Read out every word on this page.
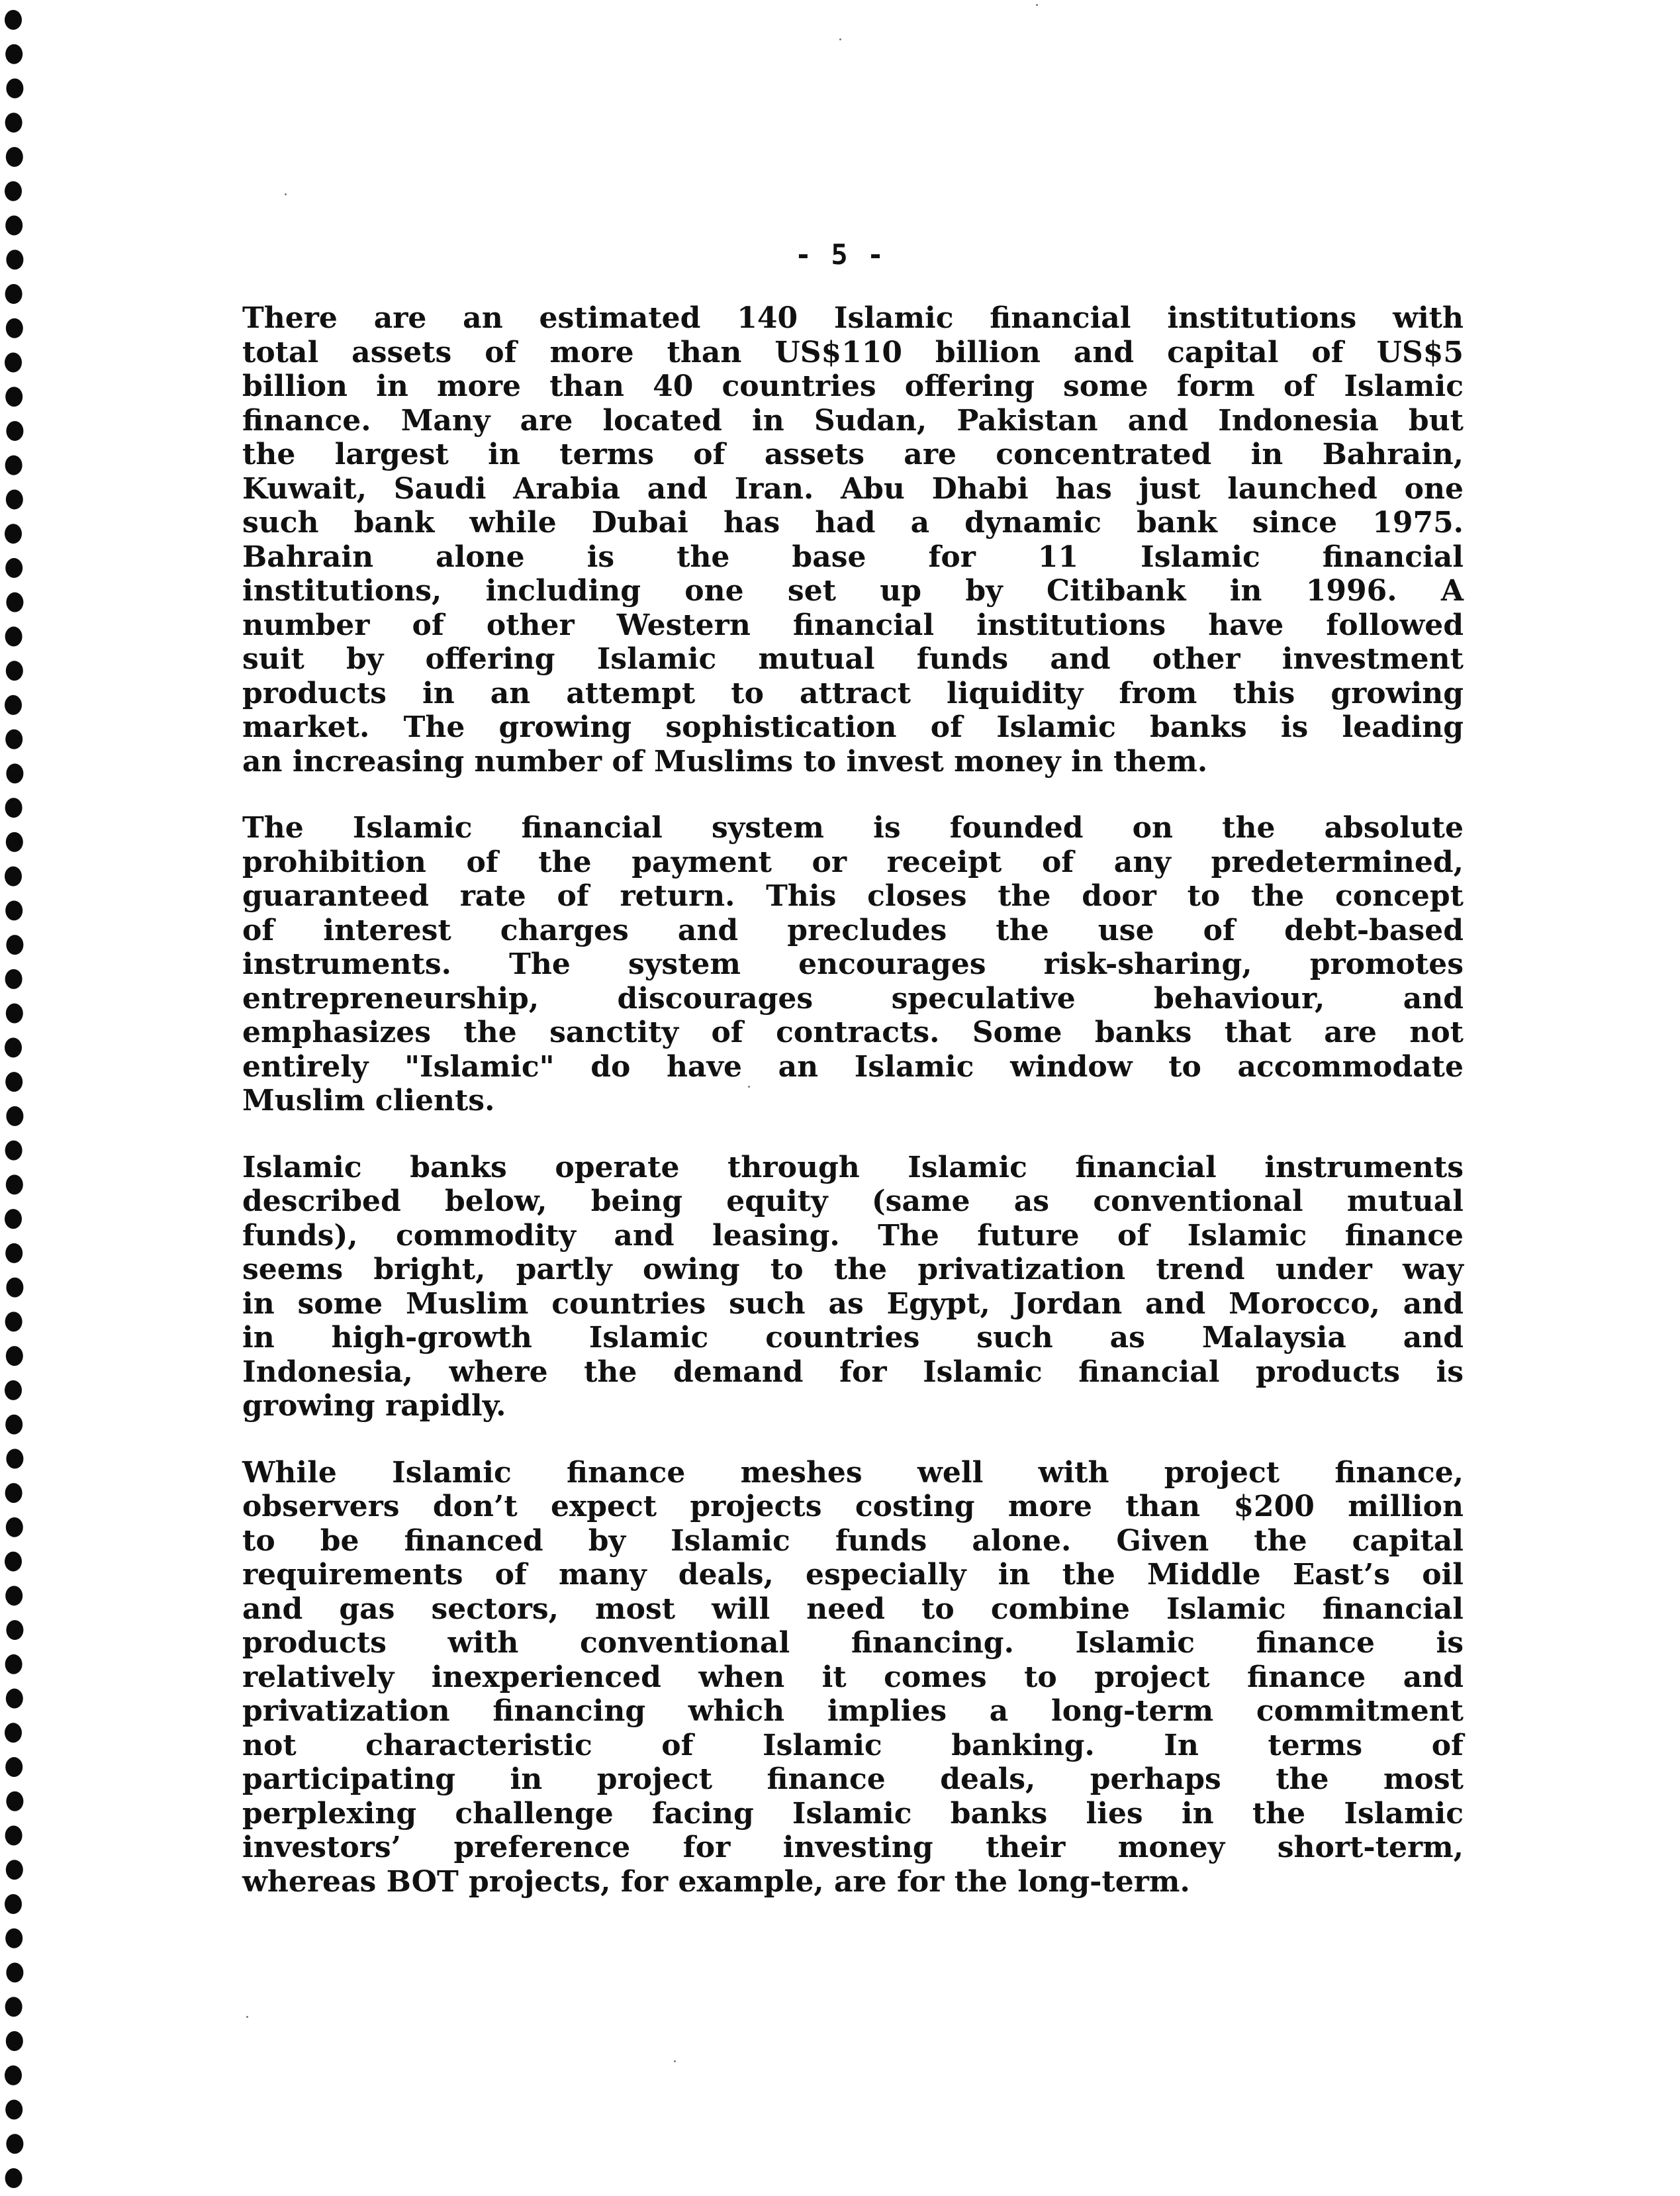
- 5 -

There are an estimated 140 Islamic financial institutions with
total assets of more than US$110 billion and capital of US$5
billion in more than 40 countries offering some form of Islamic
finance. Many are located in Sudan, Pakistan and Indonesia but
the largest in terms of assets are concentrated in Bahrain,
Kuwait, Saudi Arabia and Iran. Abu Dhabi has just launched one
such bank while Dubai has had a dynamic bank since 1975.
Bahrain alone is the base for 11 Islamic financial
institutions, including one set up by Citibank in 1996. A
number of other Western financial institutions have followed
suit by offering Islamic mutual funds and other investment
products in an attempt to attract liquidity from this growing
market. The growing sophistication of Islamic banks is leading
an increasing number of Muslims to invest money in them.

The Islamic financial system is founded on the absolute
prohibition of the payment or receipt of any predetermined,
guaranteed rate of return. This closes the door to the concept
of interest charges and precludes the use of debt-based
instruments. The system encourages risk-sharing, promotes
entrepreneurship, discourages speculative behaviour, and
emphasizes the sanctity of contracts. Some banks that are not
entirely "Islamic" do have an Islamic window to accommodate
Muslim clients.

Islamic banks operate through Islamic financial instruments
described below, being equity (same as conventional mutual
funds), commodity and leasing. The future of Islamic finance
seems bright, partly owing to the privatization trend under way
in some Muslim countries such as Egypt, Jordan and Morocco, and
in high-growth Islamic countries such as Malaysia and
Indonesia, where the demand for Islamic financial products is
growing rapidly.

While Islamic finance meshes well with project finance,
observers don’t expect projects costing more than $200 million
to be financed by Islamic funds alone. Given the capital
requirements of many deals, especially in the Middle East’s oil
and gas sectors, most will need to combine Islamic financial
products with conventional financing. Islamic finance is
relatively inexperienced when it comes to project finance and
privatization financing which implies a long-term commitment
not characteristic of Islamic banking. In terms of
participating in project finance deals, perhaps the most
perplexing challenge facing Islamic banks lies in the Islamic
investors’ preference for investing their money short-term,
whereas BOT projects, for example, are for the long-term.
